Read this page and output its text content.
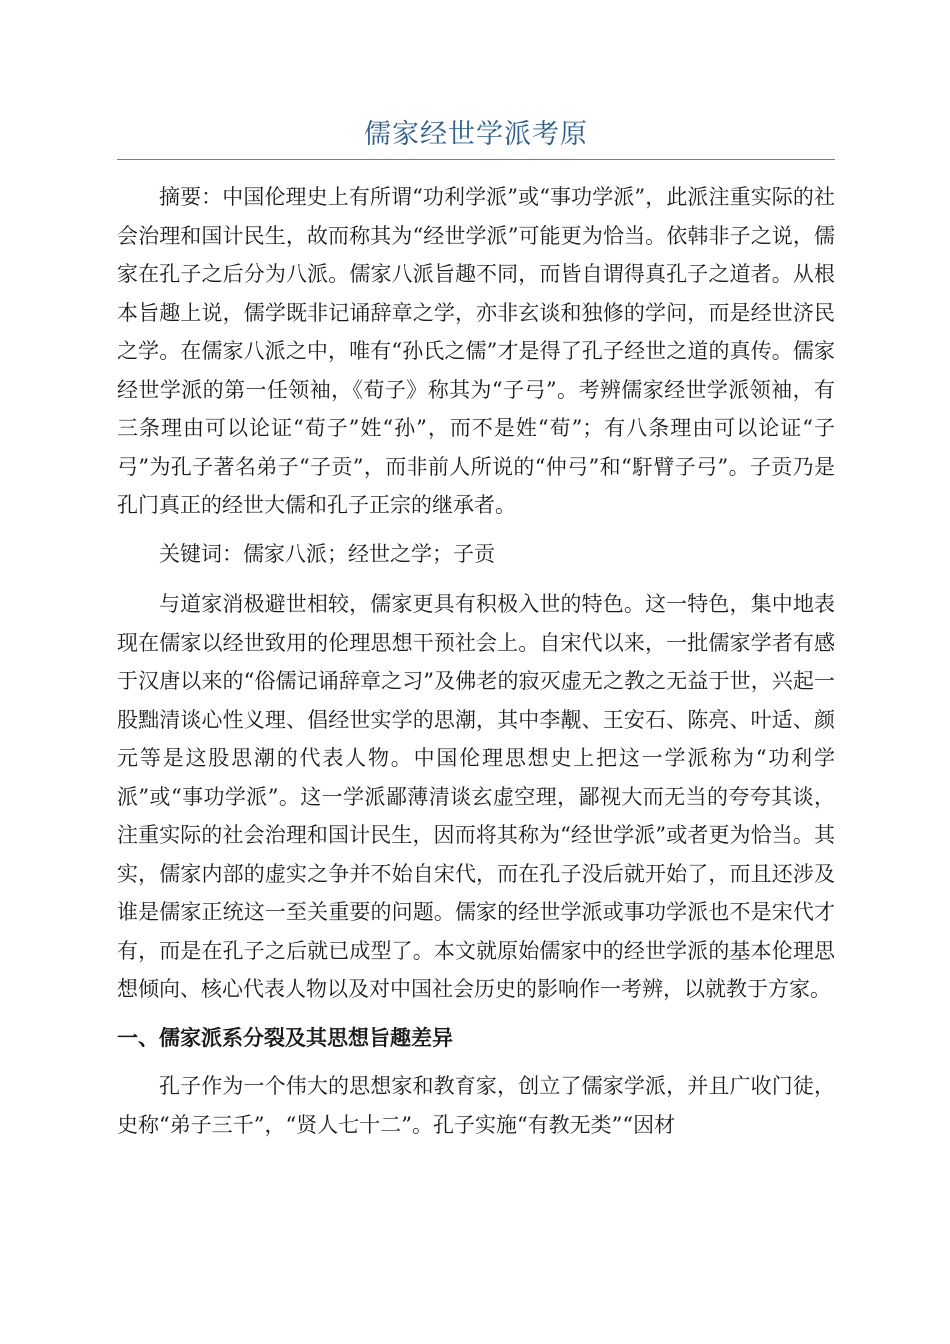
儒家经世学派考原

摘要：中国伦理史上有所谓“功利学派”或“事功学派”，此派注重实际的社会治理和国计民生，故而称其为“经世学派”可能更为恰当。依韩非子之说，儒家在孔子之后分为八派。儒家八派旨趣不同，而皆自谓得真孔子之道者。从根本旨趣上说，儒学既非记诵辞章之学，亦非玄谈和独修的学问，而是经世济民之学。在儒家八派之中，唯有“孙氏之儒”才是得了孔子经世之道的真传。儒家经世学派的第一任领袖，《荀子》称其为“子弓”。考辨儒家经世学派领袖，有三条理由可以论证“荀子”姓“孙”，而不是姓“荀”；有八条理由可以论证“子弓”为孔子著名弟子“子贡”，而非前人所说的“仲弓”和“馯臂子弓”。子贡乃是孔门真正的经世大儒和孔子正宗的继承者。

关键词：儒家八派；经世之学；子贡

与道家消极避世相较，儒家更具有积极入世的特色。这一特色，集中地表现在儒家以经世致用的伦理思想干预社会上。自宋代以来，一批儒家学者有感于汉唐以来的“俗儒记诵辞章之习”及佛老的寂灭虚无之教之无益于世，兴起一股黜清谈心性义理、倡经世实学的思潮，其中李觏、王安石、陈亮、叶适、颜元等是这股思潮的代表人物。中国伦理思想史上把这一学派称为“功利学派”或“事功学派”。这一学派鄙薄清谈玄虚空理，鄙视大而无当的夸夸其谈，注重实际的社会治理和国计民生，因而将其称为“经世学派”或者更为恰当。其实，儒家内部的虚实之争并不始自宋代，而在孔子没后就开始了，而且还涉及谁是儒家正统这一至关重要的问题。儒家的经世学派或事功学派也不是宋代才有，而是在孔子之后就已成型了。本文就原始儒家中的经世学派的基本伦理思想倾向、核心代表人物以及对中国社会历史的影响作一考辨，以就教于方家。

一、儒家派系分裂及其思想旨趣差异

孔子作为一个伟大的思想家和教育家，创立了儒家学派，并且广收门徒，史称“弟子三千”，“贤人七十二”。孔子实施“有教无类”“因材
